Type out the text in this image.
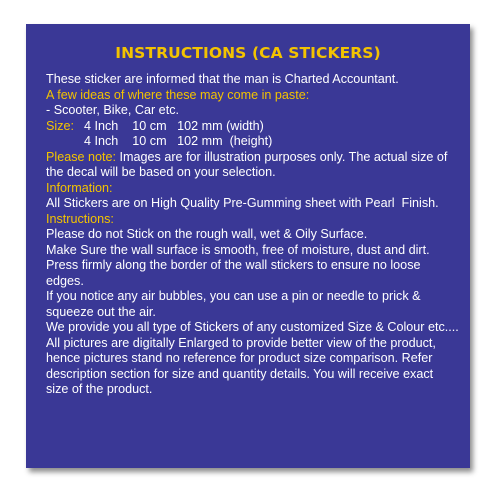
INSTRUCTIONS (CA STICKERS)
These sticker are informed that the man is Charted Accountant.
A few ideas of where these may come in paste:
- Scooter, Bike, Car etc.
Size: 4 Inch    10 cm   102 mm (width)
4 Inch    10 cm   102 mm  (height)
Please note: Images are for illustration purposes only. The actual size of
the decal will be based on your selection.
Information:
All Stickers are on High Quality Pre-Gumming sheet with Pearl  Finish.
Instructions:
Please do not Stick on the rough wall, wet & Oily Surface.
Make Sure the wall surface is smooth, free of moisture, dust and dirt.
Press firmly along the border of the wall stickers to ensure no loose
edges.
If you notice any air bubbles, you can use a pin or needle to prick &
squeeze out the air.
We provide you all type of Stickers of any customized Size & Colour etc....
All pictures are digitally Enlarged to provide better view of the product,
hence pictures stand no reference for product size comparison. Refer
description section for size and quantity details. You will receive exact
size of the product.
